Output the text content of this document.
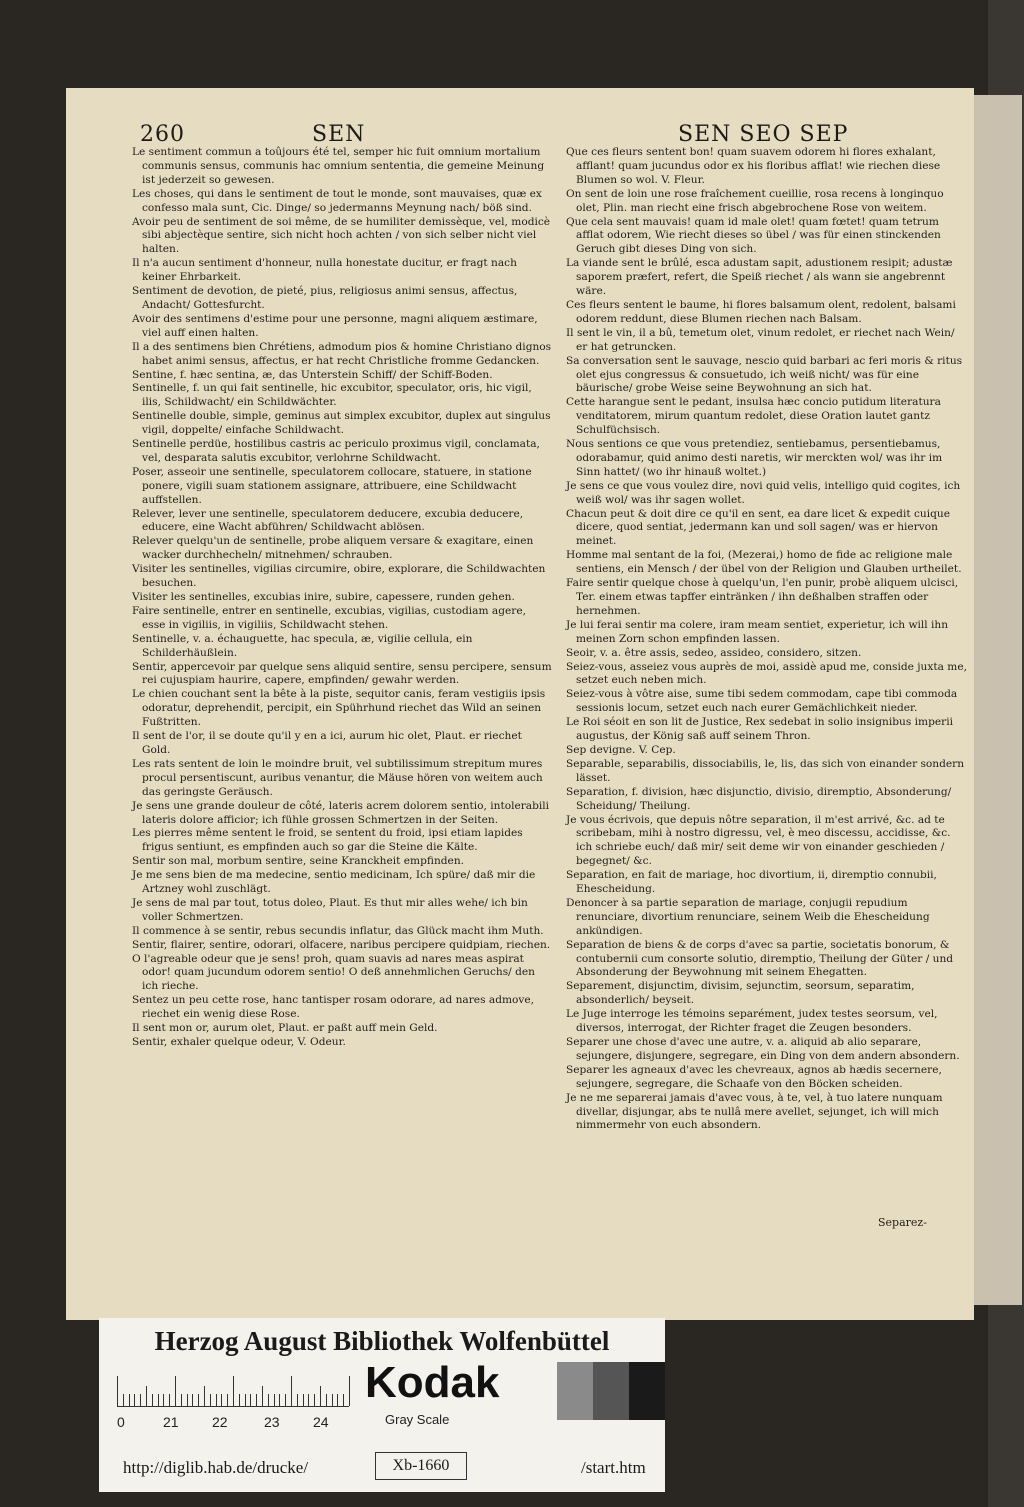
260	SEN	SEN SEO SEP

Le sentiment commun a toûjours été tel, semper hic fuit omnium mortalium communis sensus, communis hac omnium sententia, die gemeine Meinung ist jederzeit so gewesen.

Les choses, qui dans le sentiment de tout le monde, sont mauvaises, quæ ex confesso mala sunt, Cic. Dinge/ so jedermanns Meynung nach/ böß sind.

Avoir peu de sentiment de soi même, de se humiliter demissèque, vel, modicè sibi abjectèque sentire, sich nicht hoch achten / von sich selber nicht viel halten.

Il n'a aucun sentiment d'honneur, nulla honestate ducitur, er fragt nach keiner Ehrbarkeit.

Sentiment de devotion, de pieté, pius, religiosus animi sensus, affectus, Andacht/ Gottesfurcht.

Avoir des sentimens d'estime pour une personne, magni aliquem æstimare, viel auff einen halten.

Il a des sentimens bien Chrétiens, admodum pios & homine Christiano dignos habet animi sensus, affectus, er hat recht Christliche fromme Gedancken.

Sentine, f. hæc sentina, æ, das Unterstein Schiff/ der Schiff-Boden.

Sentinelle, f. un qui fait sentinelle, hic excubitor, speculator, oris, hic vigil, ilis, Schildwacht/ ein Schildwächter.

Sentinelle double, simple, geminus aut simplex excubitor, duplex aut singulus vigil, doppelte/ einfache Schildwacht.

Sentinelle perdüe, hostilibus castris ac periculo proximus vigil, conclamata, vel, desparata salutis excubitor, verlohrne Schildwacht.

Poser, asseoir une sentinelle, speculatorem collocare, statuere, in statione ponere, vigili suam stationem assignare, attribuere, eine Schildwacht auffstellen.

Relever, lever une sentinelle, speculatorem deducere, excubia deducere, educere, eine Wacht abführen/ Schildwacht ablösen.

Relever quelqu'un de sentinelle, probe aliquem versare & exagitare, einen wacker durchhecheln/ mitnehmen/ schrauben.

Visiter les sentinelles, vigilias circumire, obire, explorare, die Schildwachten besuchen.

Visiter les sentinelles, excubias inire, subire, capessere, runden gehen.

Faire sentinelle, entrer en sentinelle, excubias, vigilias, custodiam agere, esse in vigiliis, in vigiliis, Schildwacht stehen.

Sentinelle, v. a. échauguette, hac specula, æ, vigilie cellula, ein Schilderhäußlein.

Sentir, appercevoir par quelque sens aliquid sentire, sensu percipere, sensum rei cujuspiam haurire, capere, empfinden/ gewahr werden.

Le chien couchant sent la bête à la piste, sequitor canis, feram vestigiis ipsis odoratur, deprehendit, percipit, ein Spührhund riechet das Wild an seinen Fußtritten.

Il sent de l'or, il se doute qu'il y en a ici, aurum hic olet, Plaut. er riechet Gold.

Les rats sentent de loin le moindre bruit, vel subtilissimum strepitum mures procul persentiscunt, auribus venantur, die Mäuse hören von weitem auch das geringste Geräusch.

Je sens une grande douleur de côté, lateris acrem dolorem sentio, intolerabili lateris dolore afficior; ich fühle grossen Schmertzen in der Seiten.

Les pierres même sentent le froid, se sentent du froid, ipsi etiam lapides frigus sentiunt, es empfinden auch so gar die Steine die Kälte.

Sentir son mal, morbum sentire, seine Kranckheit empfinden.

Je me sens bien de ma medecine, sentio medicinam, Ich spüre/ daß mir die Artzney wohl zuschlägt.

Je sens de mal par tout, totus doleo, Plaut. Es thut mir alles wehe/ ich bin voller Schmertzen.

Il commence à se sentir, rebus secundis inflatur, das Glück macht ihm Muth.

Sentir, flairer, sentire, odorari, olfacere, naribus percipere quidpiam, riechen.

O l'agreable odeur que je sens! proh, quam suavis ad nares meas aspirat odor! quam jucundum odorem sentio! O deß annehmlichen Geruchs/ den ich rieche.

Sentez un peu cette rose, hanc tantisper rosam odorare, ad nares admove, riechet ein wenig diese Rose.

Il sent mon or, aurum olet, Plaut. er paßt auff mein Geld.

Sentir, exhaler quelque odeur, V. Odeur.

Que ces fleurs sentent bon! quam suavem odorem hi flores exhalant, afflant! quam jucundus odor ex his floribus afflat! wie riechen diese Blumen so wol. V. Fleur.

On sent de loin une rose fraîchement cueillie, rosa recens à longinquo olet, Plin. man riecht eine frisch abgebrochene Rose von weitem.

Que cela sent mauvais! quam id male olet! quam fœtet! quam tetrum afflat odorem, Wie riecht dieses so übel / was für einen stinckenden Geruch gibt dieses Ding von sich.

La viande sent le brûlé, esca adustam sapit, adustionem resipit; adustæ saporem præfert, refert, die Speiß riechet / als wann sie angebrennt wäre.

Ces fleurs sentent le baume, hi flores balsamum olent, redolent, balsami odorem reddunt, diese Blumen riechen nach Balsam.

Il sent le vin, il a bû, temetum olet, vinum redolet, er riechet nach Wein/ er hat getruncken.

Sa conversation sent le sauvage, nescio quid barbari ac feri moris & ritus olet ejus congressus & consuetudo, ich weiß nicht/ was für eine bäurische/ grobe Weise seine Beywohnung an sich hat.

Cette harangue sent le pedant, insulsa hæc concio putidum literatura venditatorem, mirum quantum redolet, diese Oration lautet gantz Schulfüchsisch.

Nous sentions ce que vous pretendiez, sentiebamus, persentiebamus, odorabamur, quid animo desti naretis, wir merckten wol/ was ihr im Sinn hattet/ (wo ihr hinauß woltet.)

Je sens ce que vous voulez dire, novi quid velis, intelligo quid cogites, ich weiß wol/ was ihr sagen wollet.

Chacun peut & doit dire ce qu'il en sent, ea dare licet & expedit cuique dicere, quod sentiat, jedermann kan und soll sagen/ was er hiervon meinet.

Homme mal sentant de la foi, (Mezerai,) homo de fide ac religione male sentiens, ein Mensch / der übel von der Religion und Glauben urtheilet.

Faire sentir quelque chose à quelqu'un, l'en punir, probè aliquem ulcisci, Ter. einem etwas tapffer eintränken / ihn deßhalben straffen oder hernehmen.

Je lui ferai sentir ma colere, iram meam sentiet, experietur, ich will ihn meinen Zorn schon empfinden lassen.

Seoir, v. a. être assis, sedeo, assideo, considero, sitzen.

Seiez-vous, asseiez vous auprès de moi, assidè apud me, conside juxta me, setzet euch neben mich.

Seiez-vous à vôtre aise, sume tibi sedem commodam, cape tibi commoda sessionis locum, setzet euch nach eurer Gemächlichkeit nieder.

Le Roi séoit en son lit de Justice, Rex sedebat in solio insignibus imperii augustus, der König saß auff seinem Thron.

Sep devigne. V. Cep.

Separable, separabilis, dissociabilis, le, lis, das sich von einander sondern lässet.

Separation, f. division, hæc disjunctio, divisio, diremptio, Absonderung/ Scheidung/ Theilung.

Je vous écrivois, que depuis nôtre separation, il m'est arrivé, &c. ad te scribebam, mihi à nostro digressu, vel, è meo discessu, accidisse, &c. ich schriebe euch/ daß mir/ seit deme wir von einander geschieden / begegnet/ &c.

Separation, en fait de mariage, hoc divortium, ii, diremptio connubii, Ehescheidung.

Denoncer à sa partie separation de mariage, conjugii repudium renunciare, divortium renunciare, seinem Weib die Ehescheidung ankündigen.

Separation de biens & de corps d'avec sa partie, societatis bonorum, & contubernii cum consorte solutio, diremptio, Theilung der Güter / und Absonderung der Beywohnung mit seinem Ehegatten.

Separement, disjunctim, divisim, sejunctim, seorsum, separatim, absonderlich/ beyseit.

Le Juge interroge les témoins separément, judex testes seorsum, vel, diversos, interrogat, der Richter fraget die Zeugen besonders.

Separer une chose d'avec une autre, v. a. aliquid ab alio separare, sejungere, disjungere, segregare, ein Ding von dem andern absondern.

Separer les agneaux d'avec les chevreaux, agnos ab hædis secernere, sejungere, segregare, die Schaafe von den Böcken scheiden.

Je ne me separerai jamais d'avec vous, à te, vel, à tuo latere nunquam divellar, disjungar, abs te nullâ mere avellet, sejunget, ich will mich nimmermehr von euch absondern.

Separez-
Herzog August Bibliothek Wolfenbüttel
0	21 22	23 24
Kodak
Gray Scale
http://diglib.hab.de/drucke/	Xb-1660	/start.htm
